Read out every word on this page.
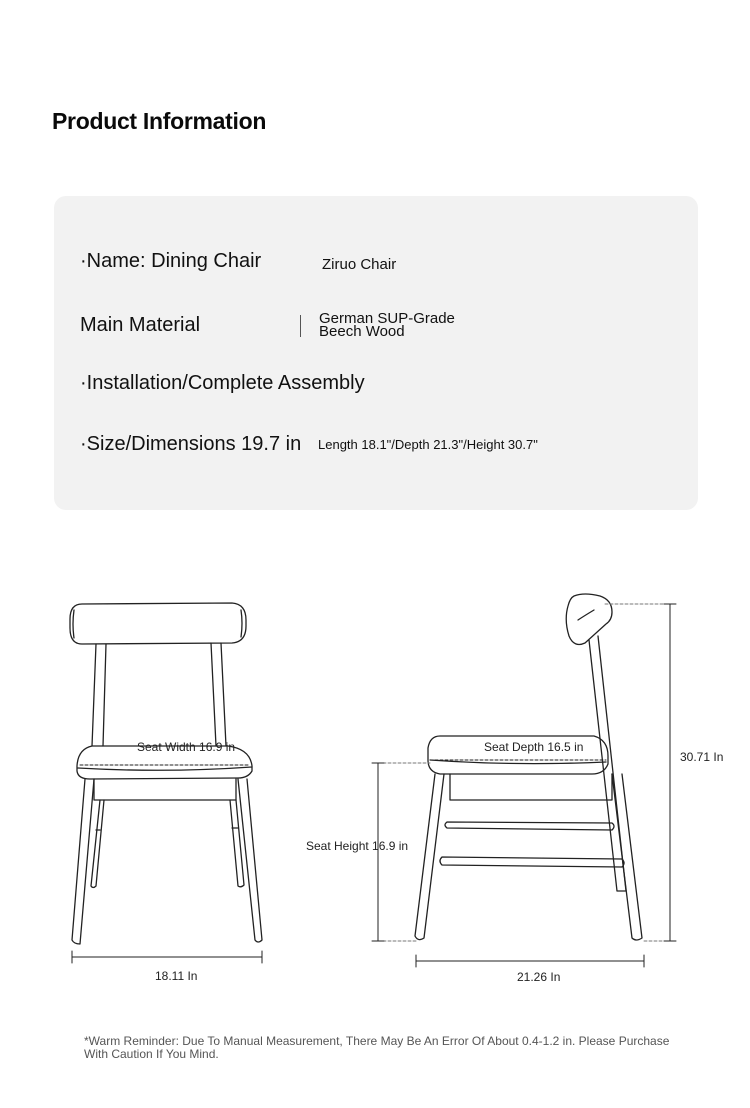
Product Information
·Name: Dining Chair	Ziruo Chair
Main Material	German SUP-Grade
Beech Wood
·Installation/Complete Assembly
·Size/Dimensions 19.7 in Length 18.1"/Depth 21.3"/Height 30.7"
Seat Width 16.9 in
18.11 In
Seat Depth 16.5 in
Seat Height 16.9 in
30.71 In
21.26 In
*Warm Reminder: Due To Manual Measurement, There May Be An Error Of About 0.4-1.2 in. Please Purchase With Caution If You Mind.
